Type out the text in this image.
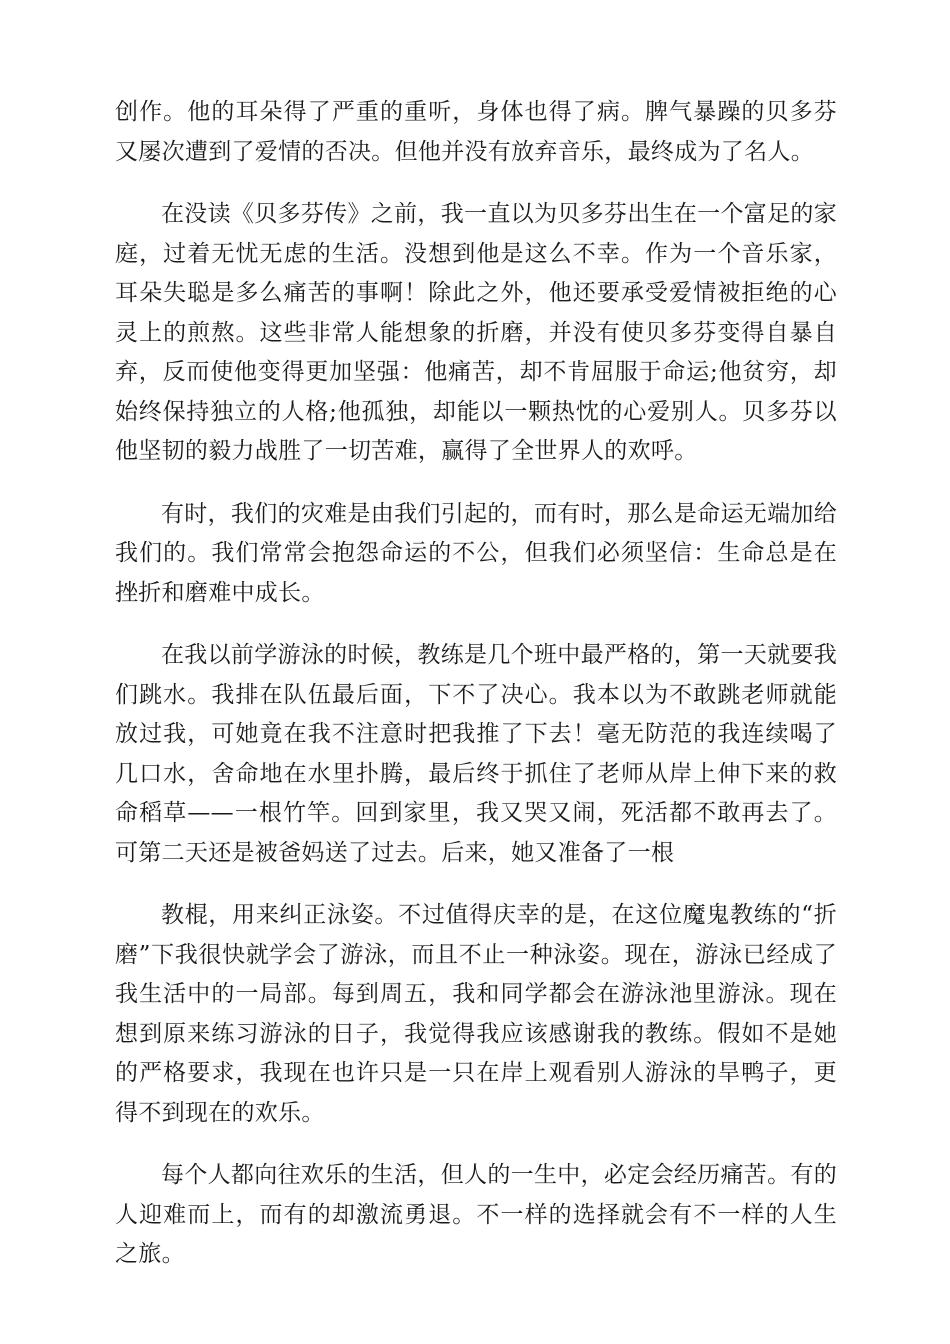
创作。他的耳朵得了严重的重听，身体也得了病。脾气暴躁的贝多芬又屡次遭到了爱情的否决。但他并没有放弃音乐，最终成为了名人。

在没读《贝多芬传》之前，我一直以为贝多芬出生在一个富足的家庭，过着无忧无虑的生活。没想到他是这么不幸。作为一个音乐家，耳朵失聪是多么痛苦的事啊！除此之外，他还要承受爱情被拒绝的心灵上的煎熬。这些非常人能想象的折磨，并没有使贝多芬变得自暴自弃，反而使他变得更加坚强：他痛苦，却不肯屈服于命运;他贫穷，却始终保持独立的人格;他孤独，却能以一颗热忱的心爱别人。贝多芬以他坚韧的毅力战胜了一切苦难，赢得了全世界人的欢呼。

有时，我们的灾难是由我们引起的，而有时，那么是命运无端加给我们的。我们常常会抱怨命运的不公，但我们必须坚信：生命总是在挫折和磨难中成长。

在我以前学游泳的时候，教练是几个班中最严格的，第一天就要我们跳水。我排在队伍最后面，下不了决心。我本以为不敢跳老师就能放过我，可她竟在我不注意时把我推了下去！毫无防范的我连续喝了几口水，舍命地在水里扑腾，最后终于抓住了老师从岸上伸下来的救命稻草——一根竹竿。回到家里，我又哭又闹，死活都不敢再去了。可第二天还是被爸妈送了过去。后来，她又准备了一根

教棍，用来纠正泳姿。不过值得庆幸的是，在这位魔鬼教练的“折磨”下我很快就学会了游泳，而且不止一种泳姿。现在，游泳已经成了我生活中的一局部。每到周五，我和同学都会在游泳池里游泳。现在想到原来练习游泳的日子，我觉得我应该感谢我的教练。假如不是她的严格要求，我现在也许只是一只在岸上观看别人游泳的旱鸭子，更得不到现在的欢乐。

每个人都向往欢乐的生活，但人的一生中，必定会经历痛苦。有的人迎难而上，而有的却激流勇退。不一样的选择就会有不一样的人生之旅。
